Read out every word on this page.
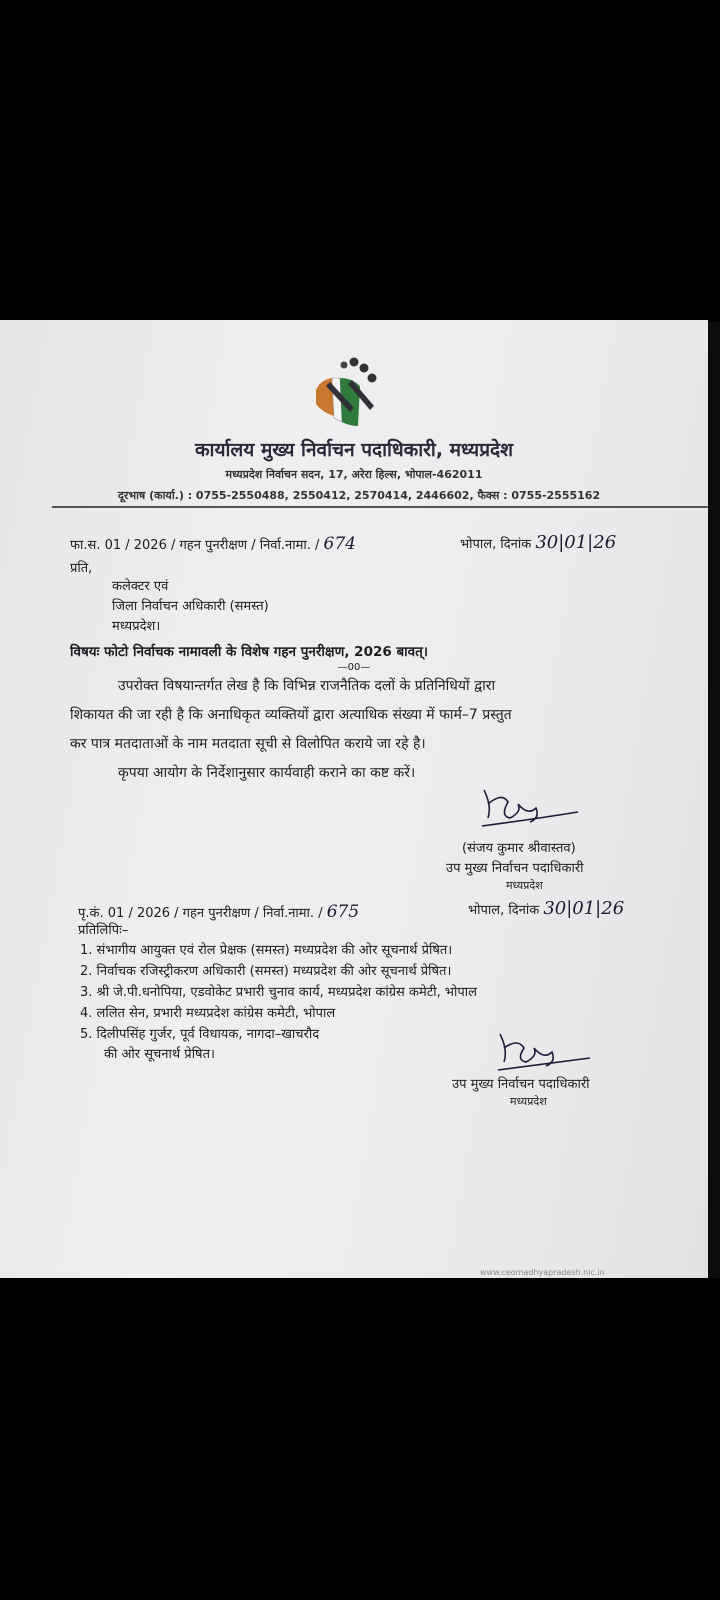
कार्यालय मुख्य निर्वाचन पदाधिकारी, मध्यप्रदेश
मध्यप्रदेश निर्वाचन सदन, 17, अरेरा हिल्स, भोपाल-462011
दूरभाष (कार्या.) : 0755-2550488, 2550412, 2570414, 2446602, फैक्स : 0755-2555162
फा.स. 01 / 2026 / गहन पुनरीक्षण / निर्वा.नामा. / 674	भोपाल, दिनांक 30|01|26
प्रति,
कलेक्टर एवं
जिला निर्वाचन अधिकारी (समस्त)
मध्यप्रदेश।
विषयः फोटो निर्वाचक नामावली के विशेष गहन पुनरीक्षण, 2026 बावत्।
—00—
उपरोक्त विषयान्तर्गत लेख है कि विभिन्न राजनैतिक दलों के प्रतिनिधियों द्वारा
शिकायत की जा रही है कि अनाधिकृत व्यक्तियों द्वारा अत्याधिक संख्या में फार्म–7 प्रस्तुत
कर पात्र मतदाताओं के नाम मतदाता सूची से विलोपित कराये जा रहे है।
कृपया आयोग के निर्देशानुसार कार्यवाही कराने का कष्ट करें।
(संजय कुमार श्रीवास्तव)
उप मुख्य निर्वाचन पदाधिकारी
मध्यप्रदेश
पृ.कं. 01 / 2026 / गहन पुनरीक्षण / निर्वा.नामा. / 675	भोपाल, दिनांक 30|01|26
प्रतिलिपिः–
1. संभागीय आयुक्त एवं रोल प्रेक्षक (समस्त) मध्यप्रदेश की ओर सूचनार्थ प्रेषित।
2. निर्वाचक रजिस्ट्रीकरण अधिकारी (समस्त) मध्यप्रदेश की ओर सूचनार्थ प्रेषित।
3. श्री जे.पी.धनोपिया, एडवोकेट प्रभारी चुनाव कार्य, मध्यप्रदेश कांग्रेस कमेटी, भोपाल
4. ललित सेन, प्रभारी मध्यप्रदेश कांग्रेस कमेटी, भोपाल
5. दिलीपसिंह गुर्जर, पूर्व विधायक, नागदा–खाचरौद
की ओर सूचनार्थ प्रेषित।
उप मुख्य निर्वाचन पदाधिकारी
मध्यप्रदेश
www.ceomadhyapradesh.nic.in
